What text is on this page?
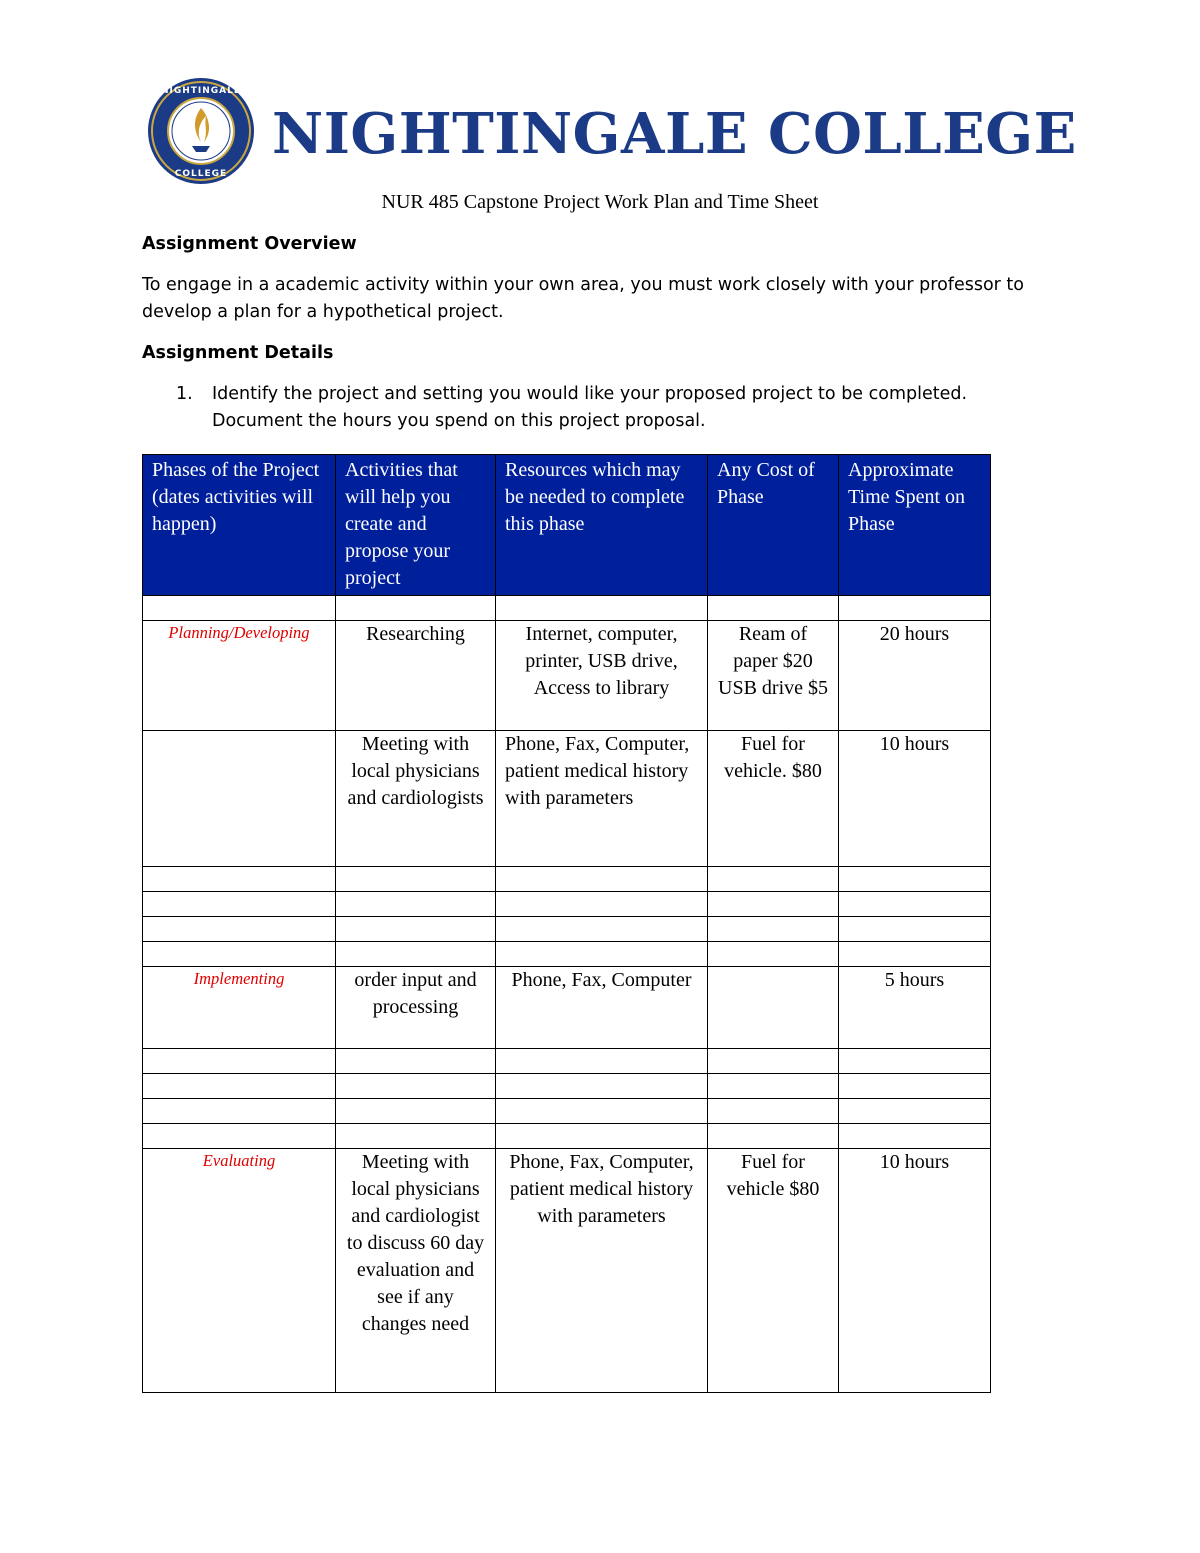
NIGHTINGALE
COLLEGE
NIGHTINGALE COLLEGE
NUR 485 Capstone Project Work Plan and Time Sheet
Assignment Overview
To engage in a academic activity within your own area, you must work closely with your professor to develop a plan for a hypothetical project.
Assignment Details
1. Identify the project and setting you would like your proposed project to be completed. Document the hours you spend on this project proposal.
Phases of the Project (dates activities will happen)	Activities that will help you create and propose your project	Resources which may be needed to complete this phase	Any Cost of Phase	Approximate Time Spent on Phase

Planning/Developing	Researching	Internet, computer, printer, USB drive, Access to library	Ream of paper $20 USB drive $5	20 hours
	Meeting with local physicians and cardiologists	Phone, Fax, Computer, patient medical history with parameters	Fuel for vehicle. $80	10 hours

Implementing	order input and processing	Phone, Fax, Computer		5 hours

Evaluating	Meeting with local physicians and cardiologist to discuss 60 day evaluation and see if any changes need	Phone, Fax, Computer, patient medical history with parameters	Fuel for vehicle $80	10 hours
